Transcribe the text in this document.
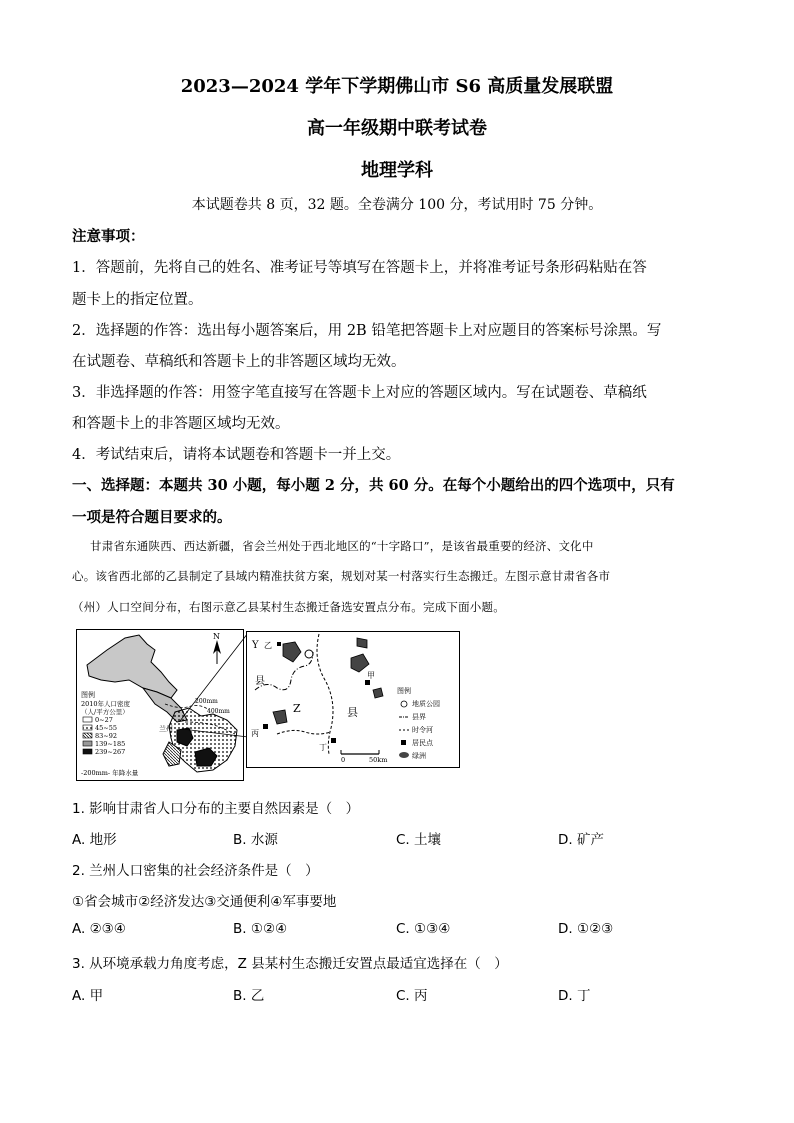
2023—2024 学年下学期佛山市 S6 高质量发展联盟
高一年级期中联考试卷
地理学科
本试题卷共 8 页，32 题。全卷满分 100 分，考试用时 75 分钟。
注意事项：
1．答题前，先将自己的姓名、准考证号等填写在答题卡上，并将准考证号条形码粘贴在答
题卡上的指定位置。
2．选择题的作答：选出每小题答案后，用 2B 铅笔把答题卡上对应题目的答案标号涂黑。写
在试题卷、草稿纸和答题卡上的非答题区域均无效。
3．非选择题的作答：用签字笔直接写在答题卡上对应的答题区域内。写在试题卷、草稿纸
和答题卡上的非答题区域均无效。
4．考试结束后，请将本试题卷和答题卡一并上交。
一、选择题：本题共 30 小题，每小题 2 分，共 60 分。在每个小题给出的四个选项中，只有
一项是符合题目要求的。
甘肃省东通陕西、西达新疆，省会兰州处于西北地区的“十字路口”，是该省最重要的经济、文化中
心。该省西北部的乙县制定了县域内精准扶贫方案，规划对某一村落实行生态搬迁。左图示意甘肃省各市
（州）人口空间分布，右图示意乙县某村生态搬迁备选安置点分布。完成下面小题。
N
图例
2010年人口密度
（人/平方公里）
0~27
45~55
83~92
139~185
239~267
-200mm- 年降水量
200mm
400mm
兰州
Y 乙
县
甲
Z	县
丙
丁
0	50km
图例
地质公园
县界
时令河
居民点
绿洲
1. 影响甘肃省人口分布的主要自然因素是（　）
A. 地形	B. 水源	C. 土壤	D. 矿产
2. 兰州人口密集的社会经济条件是（　）
①省会城市②经济发达③交通便利④军事要地
A. ②③④	B. ①②④	C. ①③④	D. ①②③
3. 从环境承载力角度考虑，Z 县某村生态搬迁安置点最适宜选择在（　）
A. 甲	B. 乙	C. 丙	D. 丁
